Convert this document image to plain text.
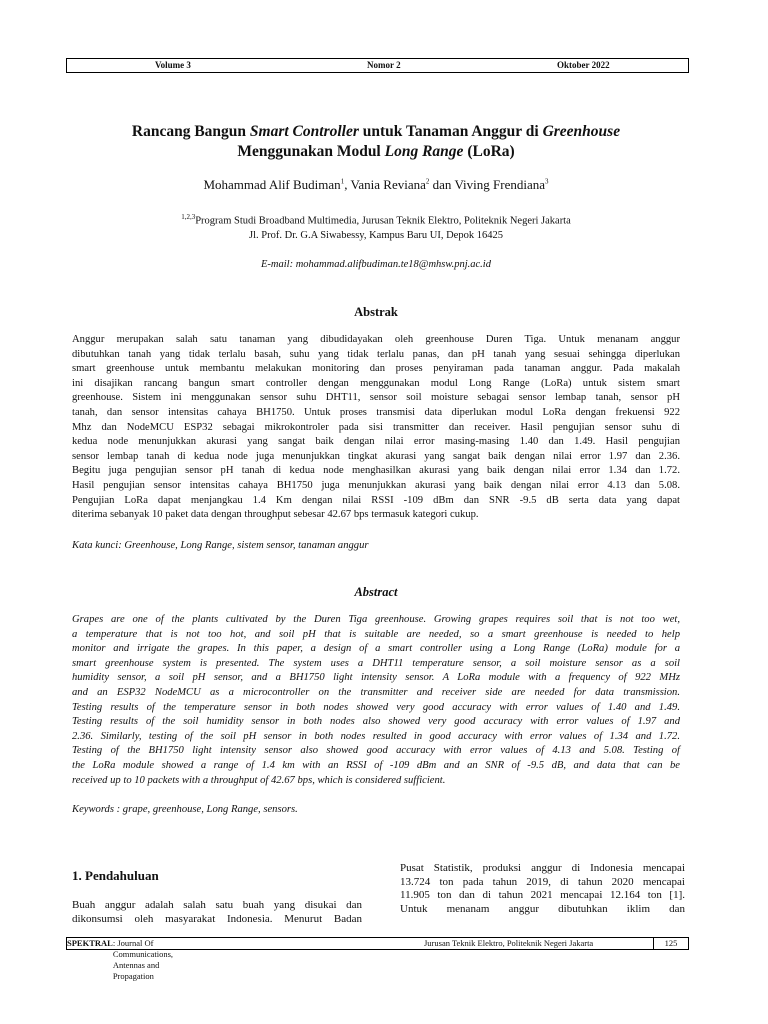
Volume 3	Nomor 2	Oktober 2022
Rancang Bangun Smart Controller untuk Tanaman Anggur di Greenhouse
Menggunakan Modul Long Range (LoRa)
Mohammad Alif Budiman$^1$, Vania Reviana$^2$ dan Viving Frendiana$^3$
$^{1,2,3}$Program Studi Broadband Multimedia, Jurusan Teknik Elektro, Politeknik Negeri Jakarta
Jl. Prof. Dr. G.A Siwabessy, Kampus Baru UI, Depok 16425
E-mail: mohammad.alifbudiman.te18@mhsw.pnj.ac.id
Abstrak
Anggur merupakan salah satu tanaman yang dibudidayakan oleh greenhouse Duren Tiga. Untuk menanam anggur
dibutuhkan tanah yang tidak terlalu basah, suhu yang tidak terlalu panas, dan pH tanah yang sesuai sehingga diperlukan
smart greenhouse untuk membantu melakukan monitoring dan proses penyiraman pada tanaman anggur. Pada makalah
ini disajikan rancang bangun smart controller dengan menggunakan modul Long Range (LoRa) untuk sistem smart
greenhouse. Sistem ini menggunakan sensor suhu DHT11, sensor soil moisture sebagai sensor lembap tanah, sensor pH
tanah, dan sensor intensitas cahaya BH1750. Untuk proses transmisi data diperlukan modul LoRa dengan frekuensi 922
Mhz dan NodeMCU ESP32 sebagai mikrokontroler pada sisi transmitter dan receiver. Hasil pengujian sensor suhu di
kedua node menunjukkan akurasi yang sangat baik dengan nilai error masing-masing 1.40 dan 1.49. Hasil pengujian
sensor lembap tanah di kedua node juga menunjukkan tingkat akurasi yang sangat baik dengan nilai error 1.97 dan 2.36.
Begitu juga pengujian sensor pH tanah di kedua node menghasilkan akurasi yang baik dengan nilai error 1.34 dan 1.72.
Hasil pengujian sensor intensitas cahaya BH1750 juga menunjukkan akurasi yang baik dengan nilai error 4.13 dan 5.08.
Pengujian LoRa dapat menjangkau 1.4 Km dengan nilai RSSI -109 dBm dan SNR -9.5 dB serta data yang dapat
diterima sebanyak 10 paket data dengan throughput sebesar 42.67 bps termasuk kategori cukup.
Kata kunci: Greenhouse, Long Range, sistem sensor, tanaman anggur
Abstract
Grapes are one of the plants cultivated by the Duren Tiga greenhouse. Growing grapes requires soil that is not too wet,
a temperature that is not too hot, and soil pH that is suitable are needed, so a smart greenhouse is needed to help
monitor and irrigate the grapes. In this paper, a design of a smart controller using a Long Range (LoRa) module for a
smart greenhouse system is presented. The system uses a DHT11 temperature sensor, a soil moisture sensor as a soil
humidity sensor, a soil pH sensor, and a BH1750 light intensity sensor. A LoRa module with a frequency of 922 MHz
and an ESP32 NodeMCU as a microcontroller on the transmitter and receiver side are needed for data transmission.
Testing results of the temperature sensor in both nodes showed very good accuracy with error values of 1.40 and 1.49.
Testing results of the soil humidity sensor in both nodes also showed very good accuracy with error values of 1.97 and
2.36. Similarly, testing of the soil pH sensor in both nodes resulted in good accuracy with error values of 1.34 and 1.72.
Testing of the BH1750 light intensity sensor also showed good accuracy with error values of 4.13 and 5.08. Testing of
the LoRa module showed a range of 1.4 km with an RSSI of -109 dBm and an SNR of -9.5 dB, and data that can be
received up to 10 packets with a throughput of 42.67 bps, which is considered sufficient.
Keywords : grape, greenhouse, Long Range, sensors.
1. Pendahuluan
Buah anggur adalah salah satu buah yang disukai dan
dikonsumsi oleh masyarakat Indonesia. Menurut Badan
Pusat Statistik, produksi anggur di Indonesia mencapai
13.724 ton pada tahun 2019, di tahun 2020 mencapai
11.905 ton dan di tahun 2021 mencapai 12.164 ton [1].
Untuk menanam anggur dibutuhkan iklim dan
SPEKTRAL : Journal Of Communications, Antennas and Propagation
Jurusan Teknik Elektro, Politeknik Negeri Jakarta	125
